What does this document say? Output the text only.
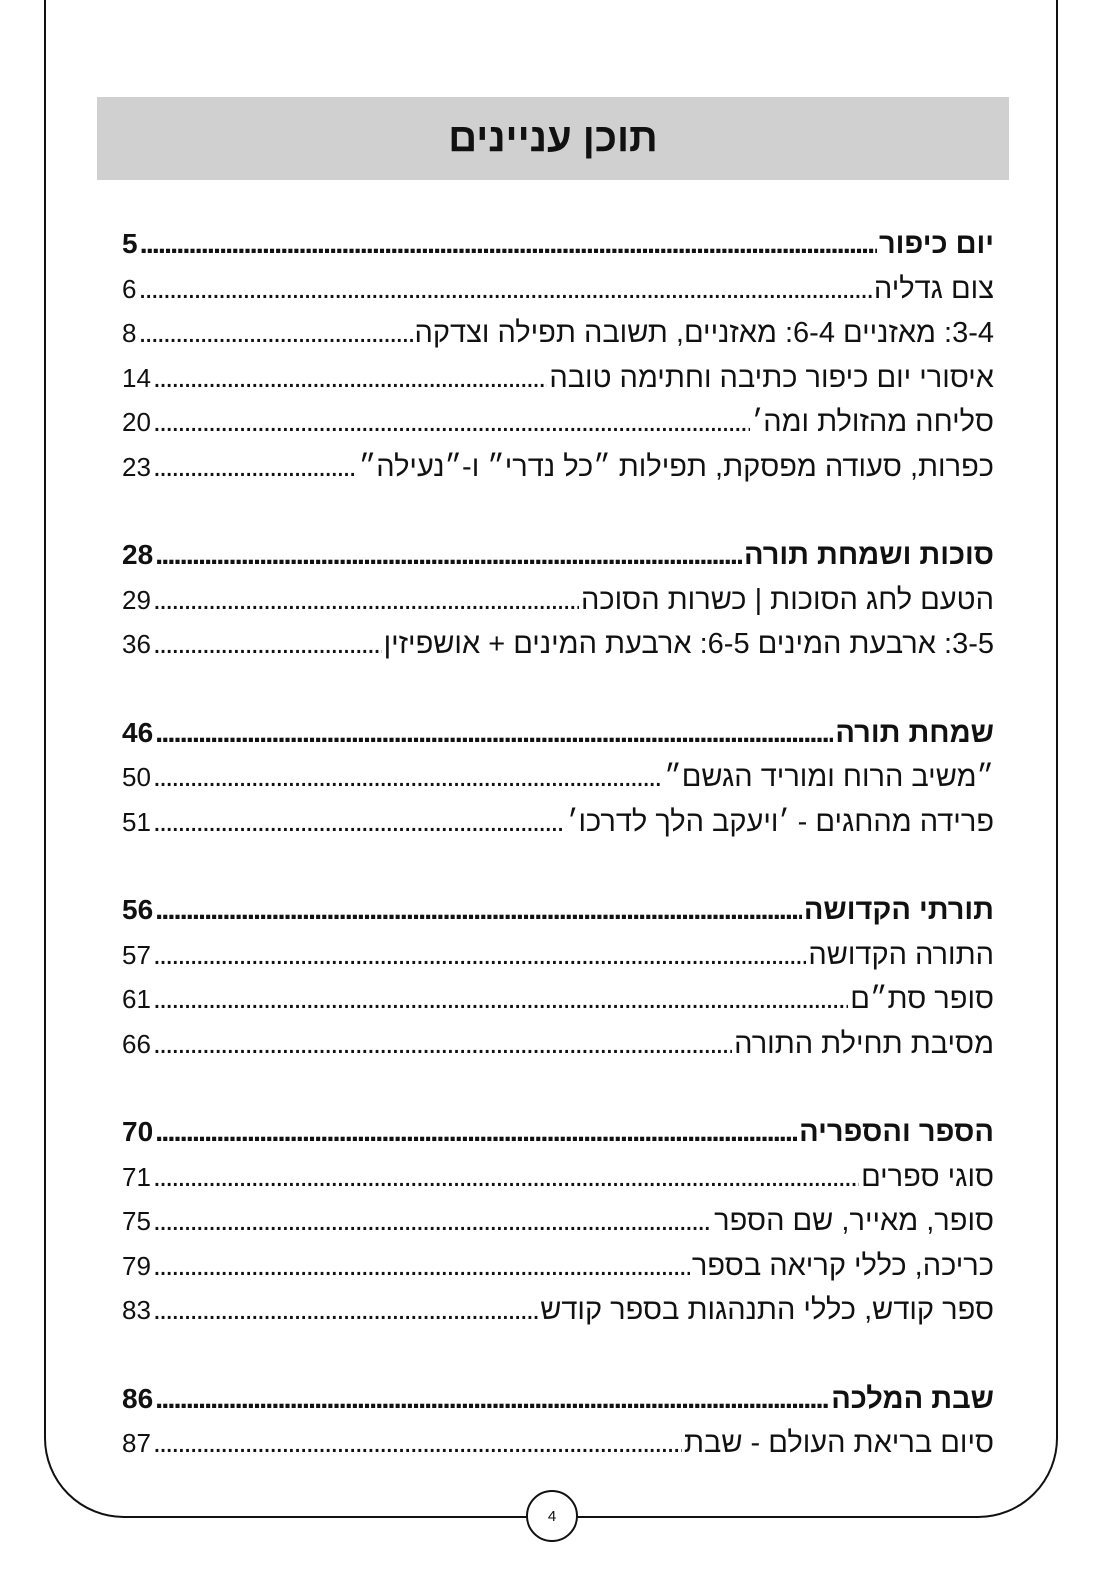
תוכן עניינים
יום כיפור
. . .
5
צום גדליה
. . .
6
3-4: מאזניים 6-4: מאזניים, תשובה תפילה וצדקה
. . .
8
איסורי יום כיפור כתיבה וחתימה טובה
. . .
14
סליחה מהזולת ומה׳
. . .
20
כפרות, סעודה מפסקת, תפילות ״כל נדרי״ ו-״נעילה״
. . .
23
סוכות ושמחת תורה
. . .
28
הטעם לחג הסוכות | כשרות הסוכה
. . .
29
3-5: ארבעת המינים 6-5: ארבעת המינים + אושפיזין
. . .
36
שמחת תורה
. . .
46
״משיב הרוח ומוריד הגשם״
. . .
50
פרידה מהחגים - ׳ויעקב הלך לדרכו׳
. . .
51
תורתי הקדושה
. . .
56
התורה הקדושה
. . .
57
סופר סת״ם
. . .
61
מסיבת תחילת התורה
. . .
66
הספר והספריה
. . .
70
סוגי ספרים
. . .
71
סופר, מאייר, שם הספר
. . .
75
כריכה, כללי קריאה בספר
. . .
79
ספר קודש, כללי התנהגות בספר קודש
. . .
83
שבת המלכה
. . .
86
סיום בריאת העולם - שבת
. . .
87
4
